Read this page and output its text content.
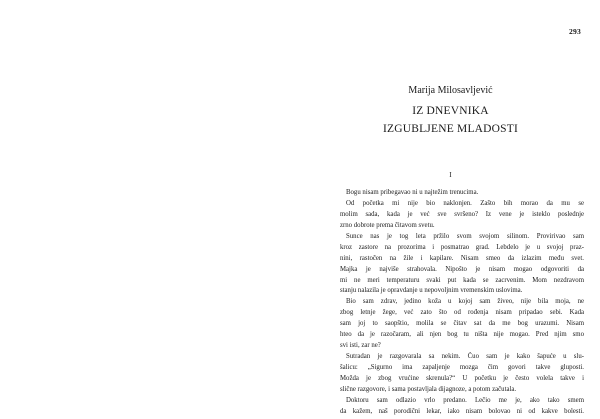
293
Marija Milosavljević
IZ DNEVNIKA
IZGUBLJENE MLADOSTI
I
Bogu nisam pribegavao ni u najtežim trenucima.
Od početka mi nije bio naklonjen. Zašto bih morao da mu se
molim sada, kada je već sve svršeno? Iz vene je isteklo poslednje
zrno dobrote prema čitavom svetu.
Sunce nas je tog leta pržilo svom svojom silinom. Provirivao sam
kroz zastore na prozorima i posmatrao grad. Lebdelo je u svojoj praz-
nini, rastočen na žile i kapilare. Nisam smeo da izlazim među svet.
Majka je najviše strahovala. Nipošto je nisam mogao odgovoriti da
mi ne meri temperaturu svaki put kada se zacrvenim. Mom nezdravom
stanju nalazila je opravdanje u nepovoljnim vremenskim uslovima.
Bio sam zdrav, jedino koža u kojoj sam živeo, nije bila moja, ne
zbog letnje žege, već zato što od rođenja nisam pripadao sebi. Kada
sam joj to saopštio, molila se čitav sat da me bog urazumi. Nisam
hteo da je razočaram, ali njen bog tu ništa nije mogao. Pred njim smo
svi isti, zar ne?
Sutradan je razgovarala sa nekim. Čuo sam je kako šapuće u slu-
šalicu: „Sigurno ima zapaljenje mozga čim govori takve gluposti.
Možda je zbog vrućine skrenula?“ U početku je često volela takve i
slične razgovore, i sama postavljala dijagnoze, a potom začutala.
Doktoru sam odlazio vrlo predano. Lečio me je, ako tako smem
da kažem, naš porodični lekar, iako nisam bolovao ni od kakve bolesti.
